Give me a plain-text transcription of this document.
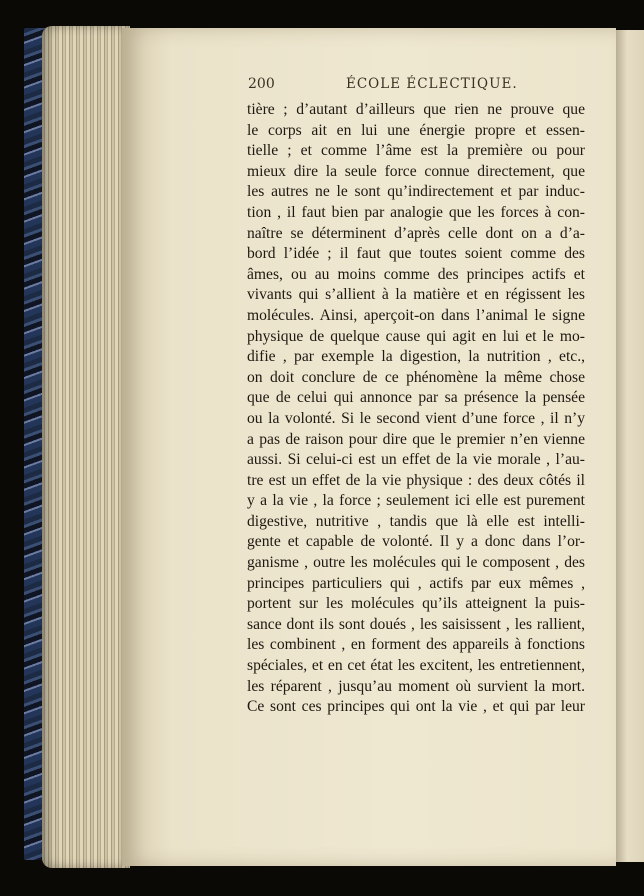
200	ÉCOLE ÉCLECTIQUE.
tière ; d’autant d’ailleurs que rien ne prouve que
le corps ait en lui une énergie propre et essen-
tielle ; et comme l’âme est la première ou pour
mieux dire la seule force connue directement, que
les autres ne le sont qu’indirectement et par induc-
tion , il faut bien par analogie que les forces à con-
naître se déterminent d’après celle dont on a d’a-
bord l’idée ; il faut que toutes soient comme des
âmes, ou au moins comme des principes actifs et
vivants qui s’allient à la matière et en régissent les
molécules. Ainsi, aperçoit-on dans l’animal le signe
physique de quelque cause qui agit en lui et le mo-
difie , par exemple la digestion, la nutrition , etc.,
on doit conclure de ce phénomène la même chose
que de celui qui annonce par sa présence la pensée
ou la volonté. Si le second vient d’une force , il n’y
a pas de raison pour dire que le premier n’en vienne
aussi. Si celui-ci est un effet de la vie morale , l’au-
tre est un effet de la vie physique : des deux côtés il
y a la vie , la force ; seulement ici elle est purement
digestive, nutritive , tandis que là elle est intelli-
gente et capable de volonté. Il y a donc dans l’or-
ganisme , outre les molécules qui le composent , des
principes particuliers qui , actifs par eux mêmes ,
portent sur les molécules qu’ils atteignent la puis-
sance dont ils sont doués , les saisissent , les rallient,
les combinent , en forment des appareils à fonctions
spéciales, et en cet état les excitent, les entretiennent,
les réparent , jusqu’au moment où survient la mort.
Ce sont ces principes qui ont la vie , et qui par leur
